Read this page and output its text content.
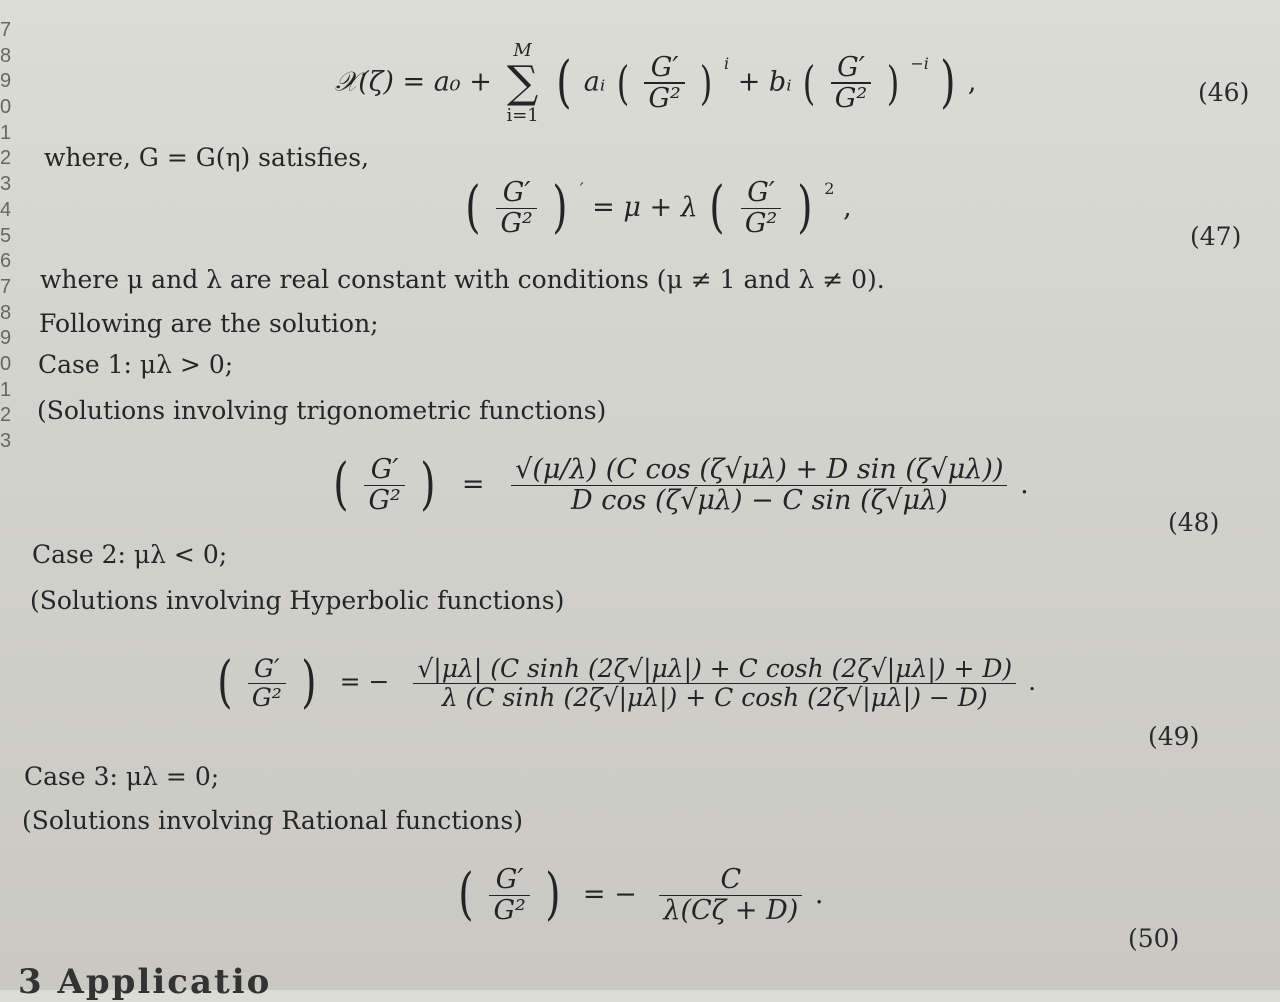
7
8
9
0
1
2
3
4
5
6
7
8
9
0
1
2
3
𝒳(ζ) = a₀ +
M
∑
i=1
( aᵢ ( $\frac{G'}{\text{G²}}$ ) $^i$ + bᵢ ( $\frac{G'}{\text{G²}}$ ) $^{-i}$ ) ,	(46)
where, G = G(η) satisfies,
( $\frac{G'}{\text{G²}}$ ) ′ = μ + λ ( $\frac{G'}{\text{G²}}$ ) $^2$ ,
(47)
where μ and λ are real constant with conditions (μ ≠ 1 and λ ≠ 0).
Following are the solution;
Case 1: μλ > 0;
(Solutions involving trigonometric functions)
( $\frac{G'}{\text{G²}}$ ) = $\frac{\text{√(μ/λ) (C cos (ζ√μλ) + D sin (ζ√μλ))}}{\text{D cos (ζ√μλ) − C sin (ζ√μλ)}}$ .
(48)
Case 2: μλ < 0;
(Solutions involving Hyperbolic functions)
( $\frac{G'}{\text{G²}}$ ) = − $\frac{\text{√|μλ| (C sinh (2ζ√|μλ|) + C cosh (2ζ√|μλ|) + D)}}{\text{λ (C sinh (2ζ√|μλ|) + C cosh (2ζ√|μλ|) − D)}}$ .
(49)
Case 3: μλ = 0;
(Solutions involving Rational functions)
( $\frac{G'}{\text{G²}}$ ) = − $\frac{C}{\lambda(C\zeta + D)}$ .
(50)
3 Applicatio
